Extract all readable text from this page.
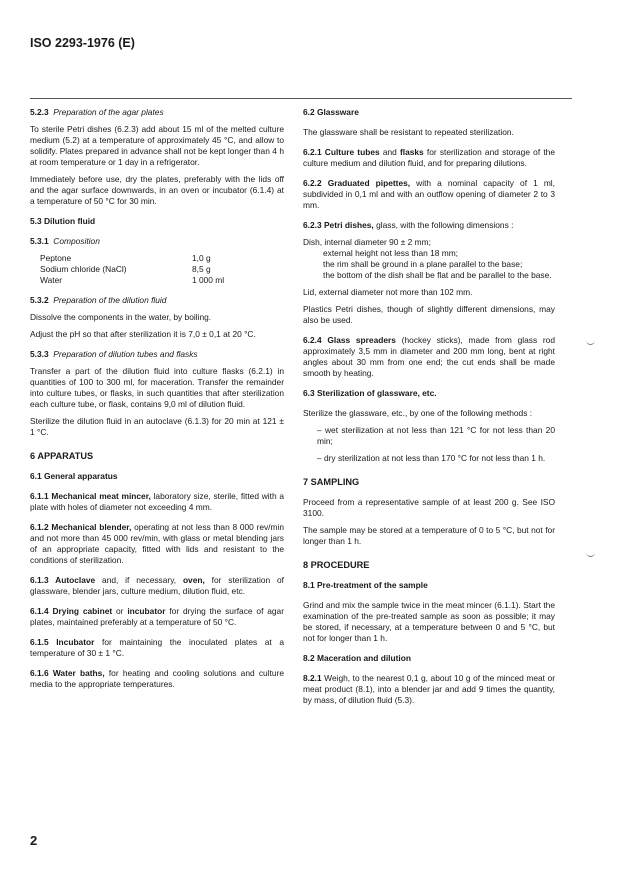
ISO 2293-1976 (E)

5.2.3 Preparation of the agar plates

To sterile Petri dishes (6.2.3) add about 15 ml of the melted culture medium (5.2) at a temperature of approximately 45 °C, and allow to solidify. Plates prepared in advance shall not be kept longer than 4 h at room temperature or 1 day in a refrigerator.

Immediately before use, dry the plates, preferably with the lids off and the agar surface downwards, in an oven or incubator (6.1.4) at a temperature of 50 °C for 30 min.

5.3 Dilution fluid

5.3.1 Composition

Peptone	1,0 g
Sodium chloride (NaCl)	8,5 g
Water	1 000 ml

5.3.2 Preparation of the dilution fluid

Dissolve the components in the water, by boiling.

Adjust the pH so that after sterilization it is 7,0 ± 0,1 at 20 °C.

5.3.3 Preparation of dilution tubes and flasks

Transfer a part of the dilution fluid into culture flasks (6.2.1) in quantities of 100 to 300 ml, for maceration. Transfer the remainder into culture tubes, or flasks, in such quantities that after sterilization each culture tube, or flask, contains 9,0 ml of dilution fluid.

Sterilize the dilution fluid in an autoclave (6.1.3) for 20 min at 121 ± 1 °C.

6 APPARATUS

6.1 General apparatus

6.1.1 Mechanical meat mincer, laboratory size, sterile, fitted with a plate with holes of diameter not exceeding 4 mm.

6.1.2 Mechanical blender, operating at not less than 8 000 rev/min and not more than 45 000 rev/min, with glass or metal blending jars of an appropriate capacity, fitted with lids and resistant to the conditions of sterilization.

6.1.3 Autoclave and, if necessary, oven, for sterilization of glassware, blender jars, culture medium, dilution fluid, etc.

6.1.4 Drying cabinet or incubator for drying the surface of agar plates, maintained preferably at a temperature of 50 °C.

6.1.5 Incubator for maintaining the inoculated plates at a temperature of 30 ± 1 °C.

6.1.6 Water baths, for heating and cooling solutions and culture media to the appropriate temperatures.

6.2 Glassware

The glassware shall be resistant to repeated sterilization.

6.2.1 Culture tubes and flasks for sterilization and storage of the culture medium and dilution fluid, and for preparing dilutions.

6.2.2 Graduated pipettes, with a nominal capacity of 1 ml, subdivided in 0,1 ml and with an outflow opening of diameter 2 to 3 mm.

6.2.3 Petri dishes, glass, with the following dimensions :

Dish, internal diameter 90 ± 2 mm;

external height not less than 18 mm;

the rim shall be ground in a plane parallel to the base;

the bottom of the dish shall be flat and be parallel to the base.

Lid, external diameter not more than 102 mm.

Plastics Petri dishes, though of slightly different dimensions, may also be used.

6.2.4 Glass spreaders (hockey sticks), made from glass rod approximately 3,5 mm in diameter and 200 mm long, bent at right angles about 30 mm from one end; the cut ends shall be made smooth by heating.

6.3 Sterilization of glassware, etc.

Sterilize the glassware, etc., by one of the following methods :

– wet sterilization at not less than 121 °C for not less than 20 min;

– dry sterilization at not less than 170 °C for not less than 1 h.

7 SAMPLING

Proceed from a representative sample of at least 200 g. See ISO 3100.

The sample may be stored at a temperature of 0 to 5 °C, but not for longer than 1 h.

8 PROCEDURE

8.1 Pre-treatment of the sample

Grind and mix the sample twice in the meat mincer (6.1.1). Start the examination of the pre-treated sample as soon as possible; it may be stored, if necessary, at a temperature between 0 and 5 °C, but not for longer than 1 h.

8.2 Maceration and dilution

8.2.1 Weigh, to the nearest 0,1 g, about 10 g of the minced meat or meat product (8.1), into a blender jar and add 9 times the quantity, by mass, of dilution fluid (5.3).

2
